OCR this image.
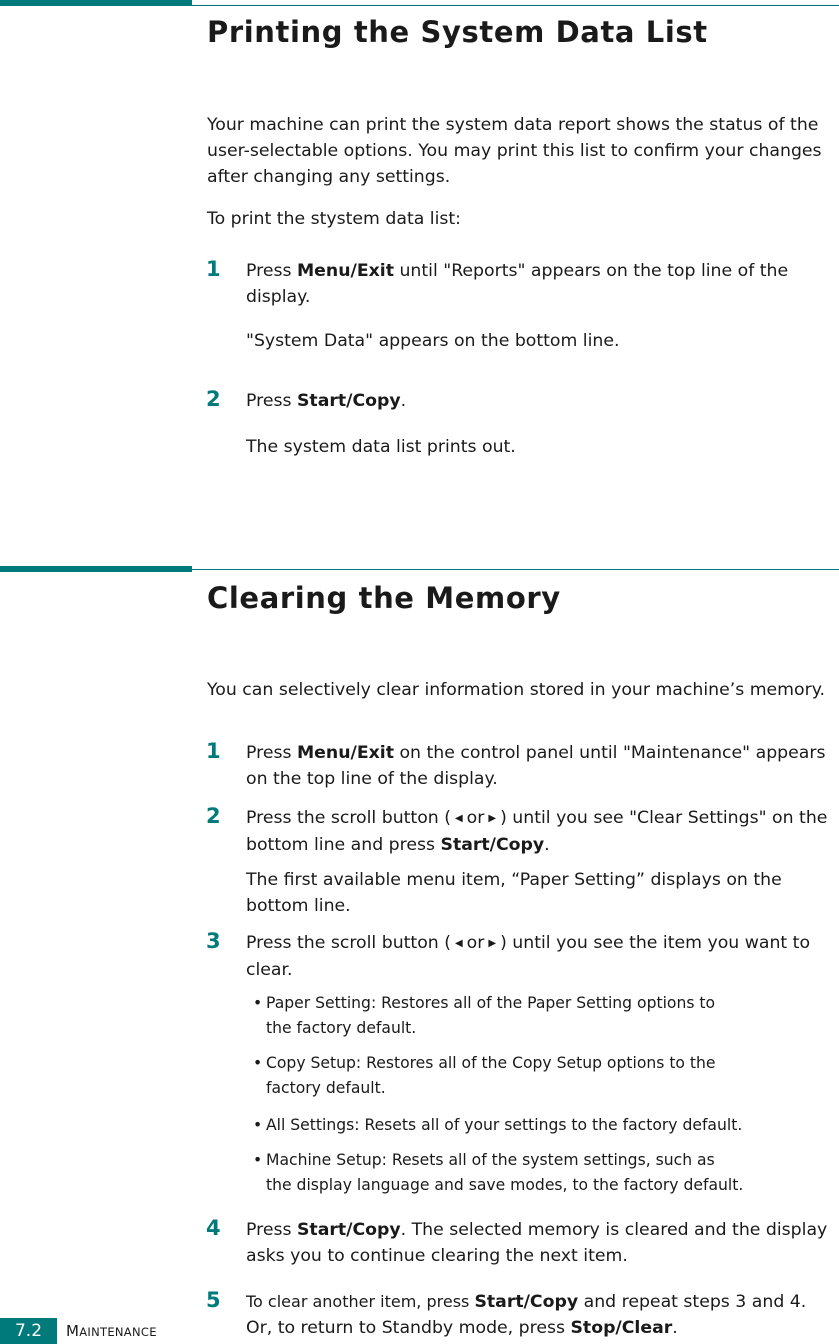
Printing the System Data List

Your machine can print the system data report shows the status of the user-selectable options. You may print this list to confirm your changes after changing any settings.

To print the stystem data list:

1 Press Menu/Exit until "Reports" appears on the top line of the display.

"System Data" appears on the bottom line.

2 Press Start/Copy.

The system data list prints out.

Clearing the Memory

You can selectively clear information stored in your machine’s memory.

1 Press Menu/Exit on the control panel until "Maintenance" appears on the top line of the display.

2 Press the scroll button ( ◀ or ▶ ) until you see "Clear Settings" on the bottom line and press Start/Copy.

The first available menu item, “Paper Setting” displays on the bottom line.

3 Press the scroll button ( ◀ or ▶ ) until you see the item you want to clear.

• Paper Setting: Restores all of the Paper Setting options to
the factory default.

• Copy Setup: Restores all of the Copy Setup options to the
factory default.

• All Settings: Resets all of your settings to the factory default.

• Machine Setup: Resets all of the system settings, such as
the display language and save modes, to the factory default.

4 Press Start/Copy. The selected memory is cleared and the display asks you to continue clearing the next item.

5 To clear another item, press Start/Copy and repeat steps 3 and 4. Or, to return to Standby mode, press Stop/Clear.

7.2	MAINTENANCE
